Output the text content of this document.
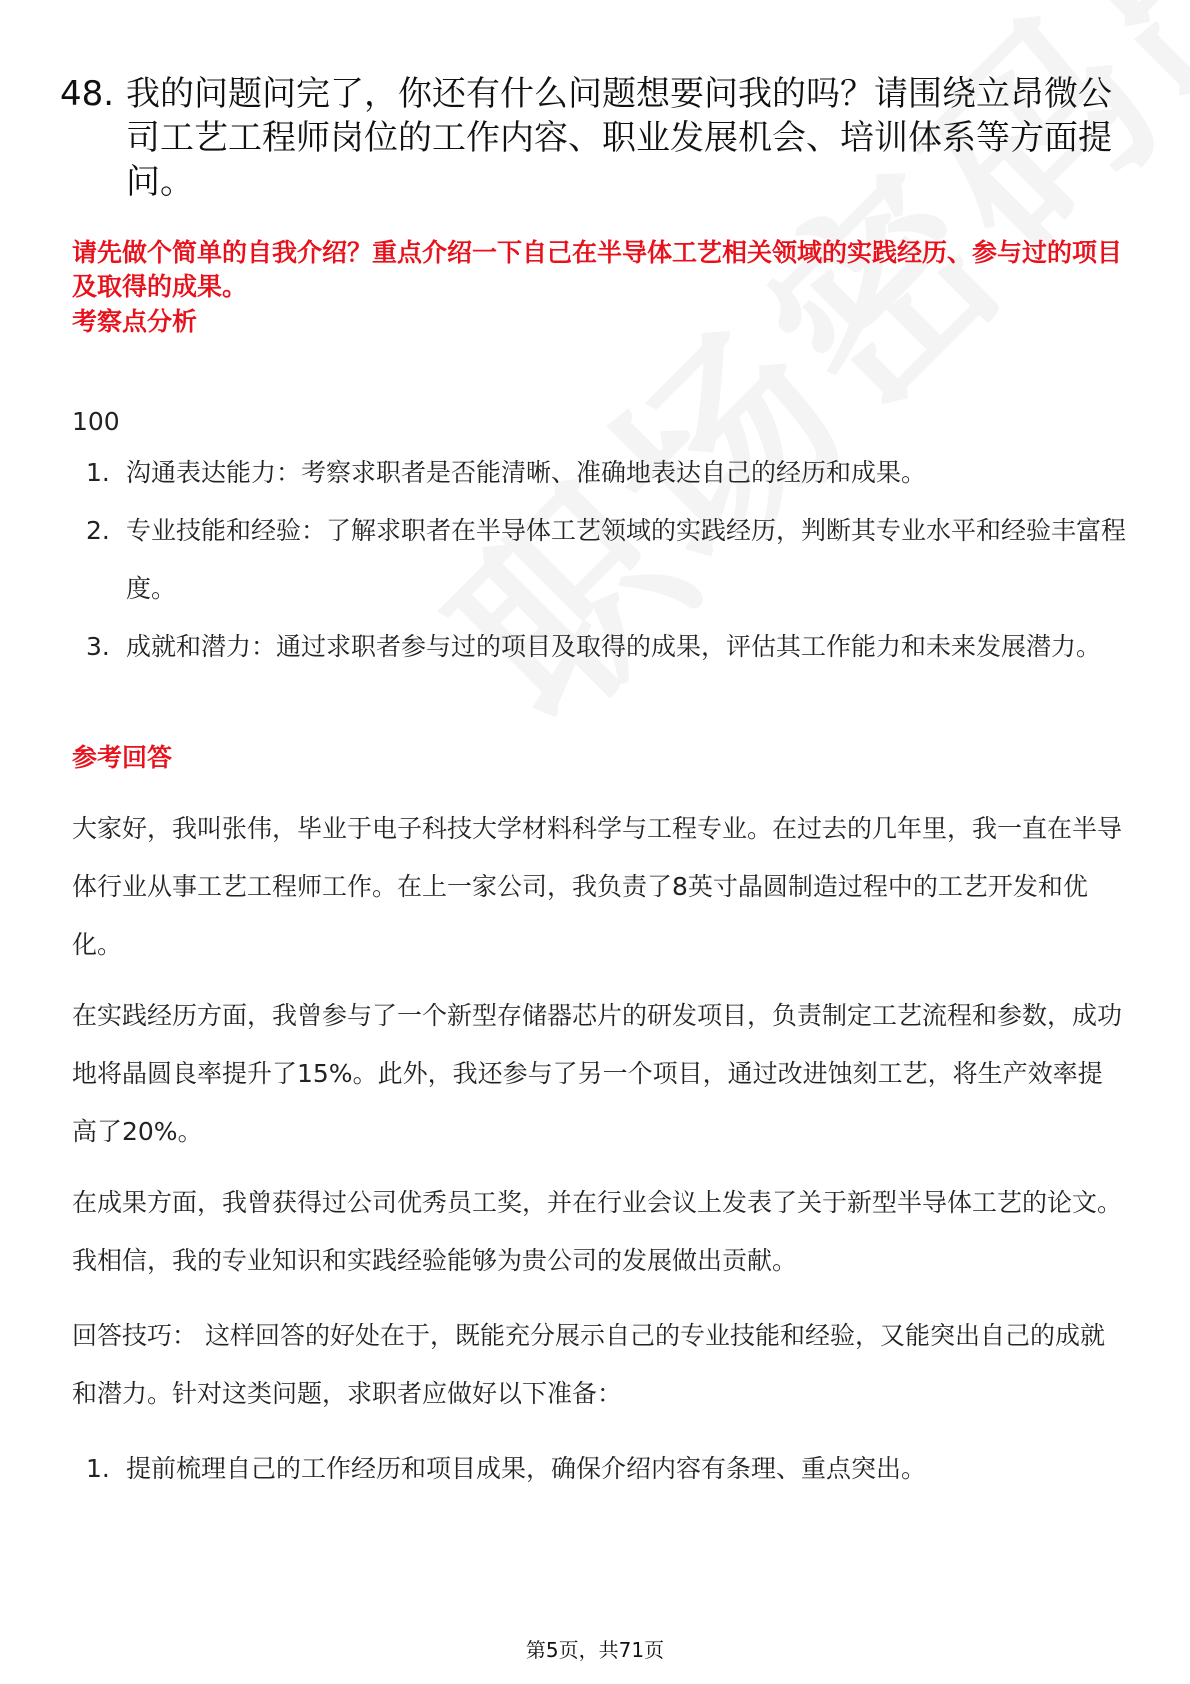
48. 我的问题问完了，你还有什么问题想要问我的吗？请围绕立昂微公司工艺工程师岗位的工作内容、职业发展机会、培训体系等方面提问。
请先做个简单的自我介绍？重点介绍一下自己在半导体工艺相关领域的实践经历、参与过的项目及取得的成果。
考察点分析
100
1. 沟通表达能力：考察求职者是否能清晰、准确地表达自己的经历和成果。
2. 专业技能和经验：了解求职者在半导体工艺领域的实践经历，判断其专业水平和经验丰富程度。
3. 成就和潜力：通过求职者参与过的项目及取得的成果，评估其工作能力和未来发展潜力。
参考回答

大家好，我叫张伟，毕业于电子科技大学材料科学与工程专业。在过去的几年里，我一直在半导体行业从事工艺工程师工作。在上一家公司，我负责了8英寸晶圆制造过程中的工艺开发和优化。

在实践经历方面，我曾参与了一个新型存储器芯片的研发项目，负责制定工艺流程和参数，成功地将晶圆良率提升了15%。此外，我还参与了另一个项目，通过改进蚀刻工艺，将生产效率提高了20%。

在成果方面，我曾获得过公司优秀员工奖，并在行业会议上发表了关于新型半导体工艺的论文。我相信，我的专业知识和实践经验能够为贵公司的发展做出贡献。

回答技巧： 这样回答的好处在于，既能充分展示自己的专业技能和经验，又能突出自己的成就和潜力。针对这类问题，求职者应做好以下准备：

1. 提前梳理自己的工作经历和项目成果，确保介绍内容有条理、重点突出。
第5页，共71页
